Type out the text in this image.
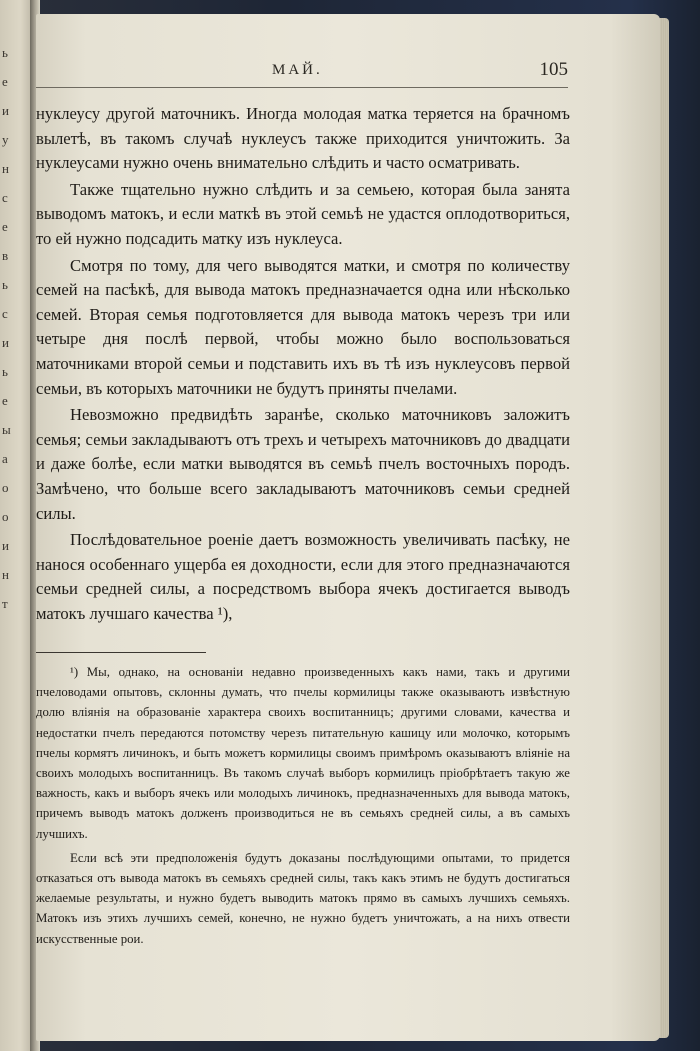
ь
е
и
у
н
с
е
в
ь
с
и
ь
е
ы
а
о
о
и
н
т
МАЙ.	105

нуклеусу другой маточникъ. Иногда молодая матка теряется на брачномъ вылетѣ, въ такомъ случаѣ нуклеусъ также приходится уничтожить. За нуклеусами нужно очень внимательно слѣдить и часто осматривать.

Также тщательно нужно слѣдить и за семьею, которая была занята выводомъ матокъ, и если маткѣ въ этой семьѣ не удастся оплодотвориться, то ей нужно подсадить матку изъ нуклеуса.

Смотря по тому, для чего выводятся матки, и смотря по количеству семей на пасѣкѣ, для вывода матокъ предназначается одна или нѣсколько семей. Вторая семья подготовляется для вывода матокъ черезъ три или четыре дня послѣ первой, чтобы можно было воспользоваться маточниками второй семьи и подставить ихъ въ тѣ изъ нуклеусовъ первой семьи, въ которыхъ маточники не будутъ приняты пчелами.

Невозможно предвидѣть заранѣе, сколько маточниковъ заложитъ семья; семьи закладываютъ отъ трехъ и четырехъ маточниковъ до двадцати и даже болѣе, если матки выводятся въ семьѣ пчелъ восточныхъ породъ. Замѣчено, что больше всего закладываютъ маточниковъ семьи средней силы.

Послѣдовательное роеніе даетъ возможность увеличивать пасѣку, не нанося особеннаго ущерба ея доходности, если для этого предназначаются семьи средней силы, а посредствомъ выбора ячекъ достигается выводъ матокъ лучшаго качества ¹),

¹) Мы, однако, на основаніи недавно произведенныхъ какъ нами, такъ и другими пчеловодами опытовъ, склонны думать, что пчелы кормилицы также оказываютъ извѣстную долю вліянія на образованіе характера своихъ воспитанницъ; другими словами, качества и недостатки пчелъ передаются потомству черезъ питательную кашицу или молочко, которымъ пчелы кормятъ личинокъ, и быть можетъ кормилицы своимъ примѣромъ оказываютъ вліяніе на своихъ молодыхъ воспитанницъ. Въ такомъ случаѣ выборъ кормилицъ пріобрѣтаетъ такую же важность, какъ и выборъ ячекъ или молодыхъ личинокъ, предназначенныхъ для вывода матокъ, причемъ выводъ матокъ долженъ производиться не въ семьяхъ средней силы, а въ самыхъ лучшихъ.

Если всѣ эти предположенія будутъ доказаны послѣдующими опытами, то придется отказаться отъ вывода матокъ въ семьяхъ средней силы, такъ какъ этимъ не будутъ достигаться желаемые результаты, и нужно будетъ выводить матокъ прямо въ самыхъ лучшихъ семьяхъ. Матокъ изъ этихъ лучшихъ семей, конечно, не нужно будетъ уничтожать, а на нихъ отвести искусственные рои.
